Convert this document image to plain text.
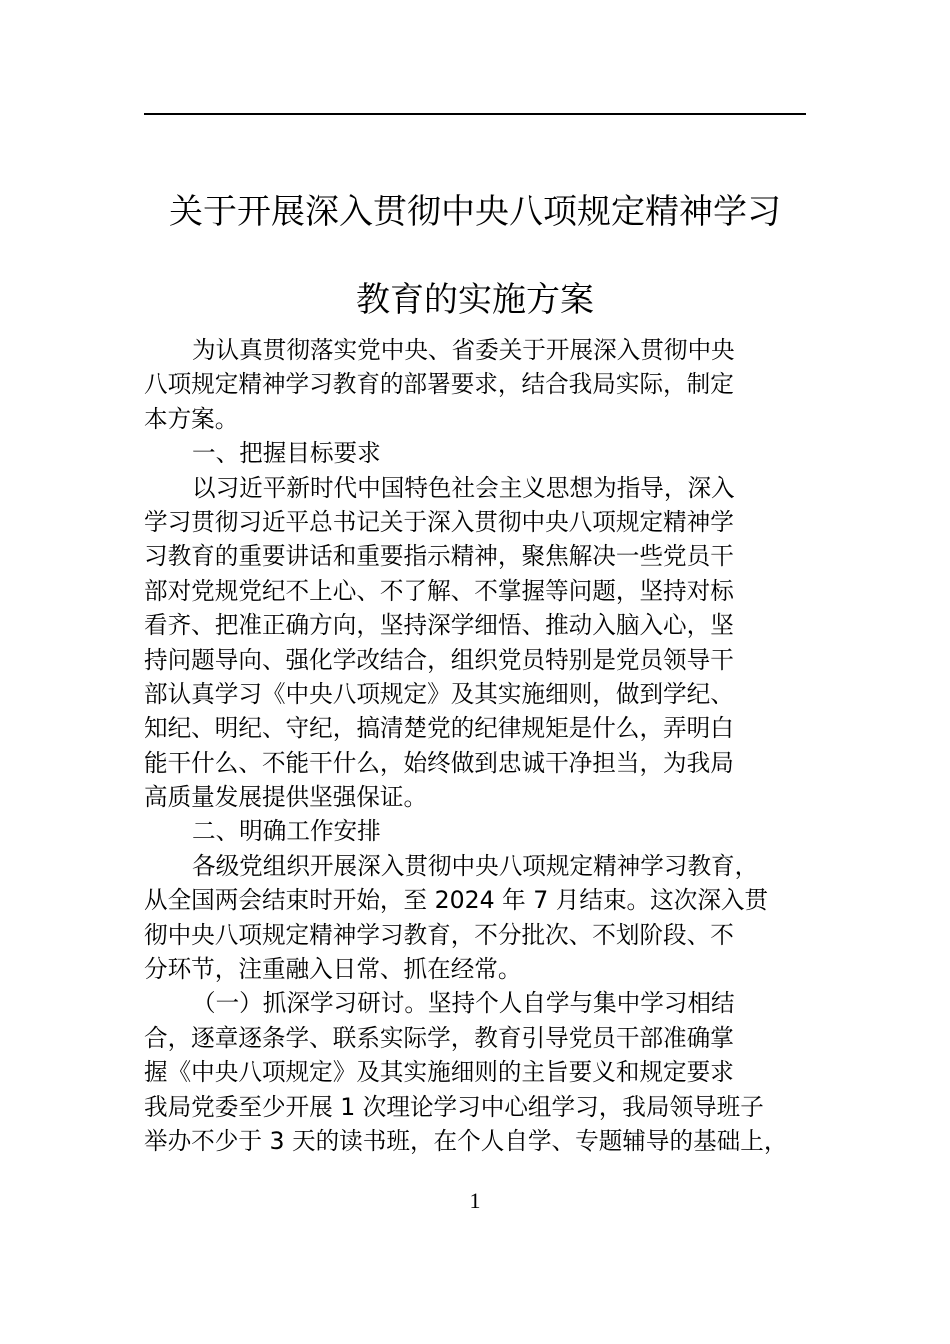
关于开展深入贯彻中央八项规定精神学习
教育的实施方案
为认真贯彻落实党中央、省委关于开展深入贯彻中央
八项规定精神学习教育的部署要求，结合我局实际，制定
本方案。
一、把握目标要求
以习近平新时代中国特色社会主义思想为指导，深入
学习贯彻习近平总书记关于深入贯彻中央八项规定精神学
习教育的重要讲话和重要指示精神，聚焦解决一些党员干
部对党规党纪不上心、不了解、不掌握等问题，坚持对标
看齐、把准正确方向，坚持深学细悟、推动入脑入心，坚
持问题导向、强化学改结合，组织党员特别是党员领导干
部认真学习《中央八项规定》及其实施细则，做到学纪、
知纪、明纪、守纪，搞清楚党的纪律规矩是什么，弄明白
能干什么、不能干什么，始终做到忠诚干净担当，为我局
高质量发展提供坚强保证。
二、明确工作安排
各级党组织开展深入贯彻中央八项规定精神学习教育，
从全国两会结束时开始，至 2024 年 7 月结束。这次深入贯
彻中央八项规定精神学习教育，不分批次、不划阶段、不
分环节，注重融入日常、抓在经常。
（一）抓深学习研讨。坚持个人自学与集中学习相结
合，逐章逐条学、联系实际学，教育引导党员干部准确掌
握《中央八项规定》及其实施细则的主旨要义和规定要求
我局党委至少开展 1 次理论学习中心组学习，我局领导班子
举办不少于 3 天的读书班，在个人自学、专题辅导的基础上，
1
